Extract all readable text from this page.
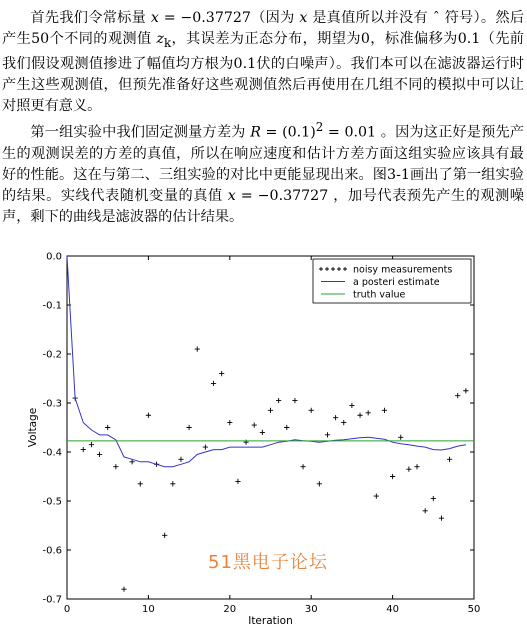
首先我们令常标量 x = −0.37727（因为 x 是真值所以并没有 ˆ 符号）。然后产生50个不同的观测值 $z_k$，其误差为正态分布，期望为0，标准偏移为0.1（先前我们假设观测值掺进了幅值均方根为0.1伏的白噪声）。我们本可以在滤波器运行时产生这些观测值，但预先准备好这些观测值然后再使用在几组不同的模拟中可以让对照更有意义。

第一组实验中我们固定测量方差为 $R = (0.1)^2 = 0.01$ 。因为这正好是预先产生的观测误差的方差的真值，所以在响应速度和估计方差方面这组实验应该具有最好的性能。这在与第二、三组实验的对比中更能显现出来。图3-1画出了第一组实验的结果。实线代表随机变量的真值 x = −0.37727 ，加号代表预先产生的观测噪声，剩下的曲线是滤波器的估计结果。

0	10	20	30	40	50
0.0
-0.1
-0.2
-0.3
-0.4
-0.5
-0.6
-0.7
Iteration
Voltage
noisy measurements
a posteri estimate
truth value
51黑电子论坛
